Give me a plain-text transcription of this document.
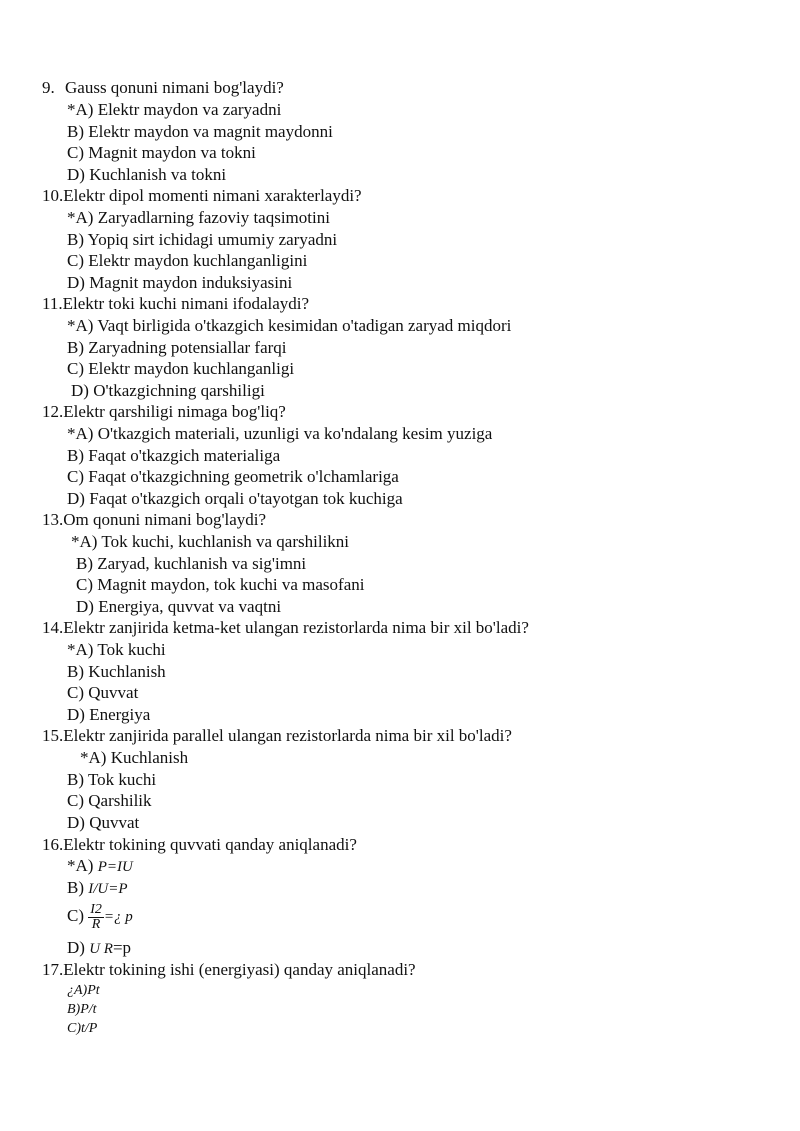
9. Gauss qonuni nimani bog'laydi?
*A) Elektr maydon va zaryadni
B) Elektr maydon va magnit maydonni
C) Magnit maydon va tokni
D) Kuchlanish va tokni
10.Elektr dipol momenti nimani xarakterlaydi?
*A) Zaryadlarning fazoviy taqsimotini
B) Yopiq sirt ichidagi umumiy zaryadni
C) Elektr maydon kuchlanganligini
D) Magnit maydon induksiyasini
11.Elektr toki kuchi nimani ifodalaydi?
*A) Vaqt birligida o'tkazgich kesimidan o'tadigan zaryad miqdori
B) Zaryadning potensiallar farqi
C) Elektr maydon kuchlanganligi
D) O'tkazgichning qarshiligi
12.Elektr qarshiligi nimaga bog'liq?
*A) O'tkazgich materiali, uzunligi va ko'ndalang kesim yuziga
B) Faqat o'tkazgich materialiga
C) Faqat o'tkazgichning geometrik o'lchamlariga
D) Faqat o'tkazgich orqali o'tayotgan tok kuchiga
13.Om qonuni nimani bog'laydi?
*A) Tok kuchi, kuchlanish va qarshilikni
B) Zaryad, kuchlanish va sig'imni
C) Magnit maydon, tok kuchi va masofani
D) Energiya, quvvat va vaqtni
14.Elektr zanjirida ketma-ket ulangan rezistorlarda nima bir xil bo'ladi?
*A) Tok kuchi
B) Kuchlanish
C) Quvvat
D) Energiya
15.Elektr zanjirida parallel ulangan rezistorlarda nima bir xil bo'ladi?
*A) Kuchlanish
B) Tok kuchi
C) Qarshilik
D) Quvvat
16.Elektr tokining quvvati qanday aniqlanadi?
*A) P=IU
B) I/U=P
$C) \frac{I2}{R}$ =¿ p
D) U R=p
17.Elektr tokining ishi (energiyasi) qanday aniqlanadi?
¿A)Pt
B)P/t
C)t/P
